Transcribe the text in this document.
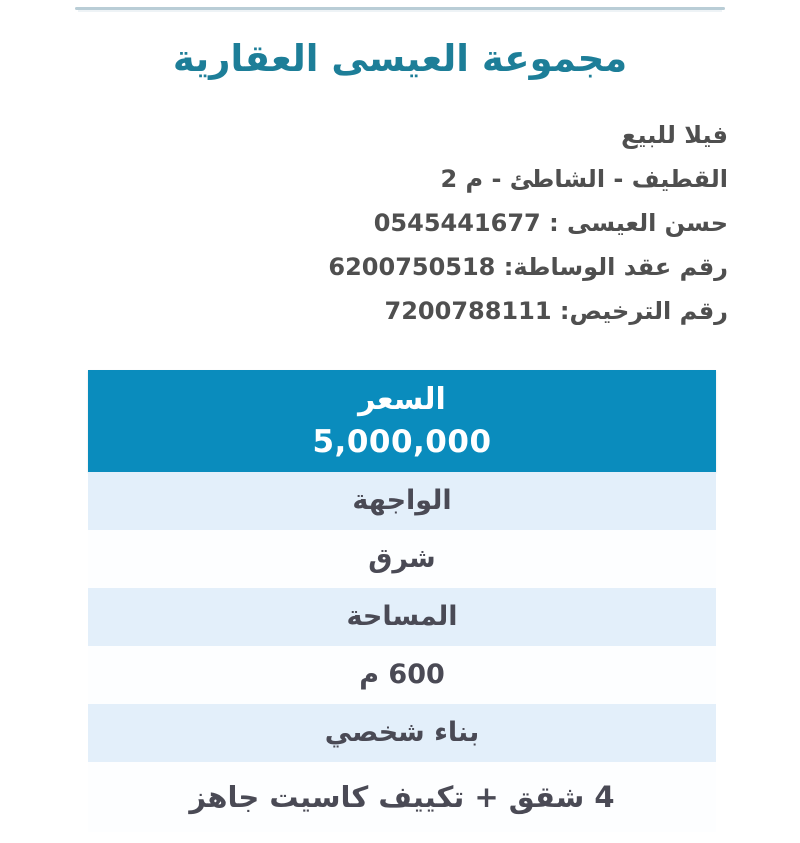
مجموعة العيسى العقارية
فيلا للبيع
القطيف - الشاطئ - م 2
حسن العيسى : 0545441677
رقم عقد الوساطة: 6200750518
رقم الترخيص: 7200788111
السعر
5,000,000
الواجهة
شرق
المساحة
600 م
بناء شخصي
4 شقق + تكييف كاسيت جاهز
